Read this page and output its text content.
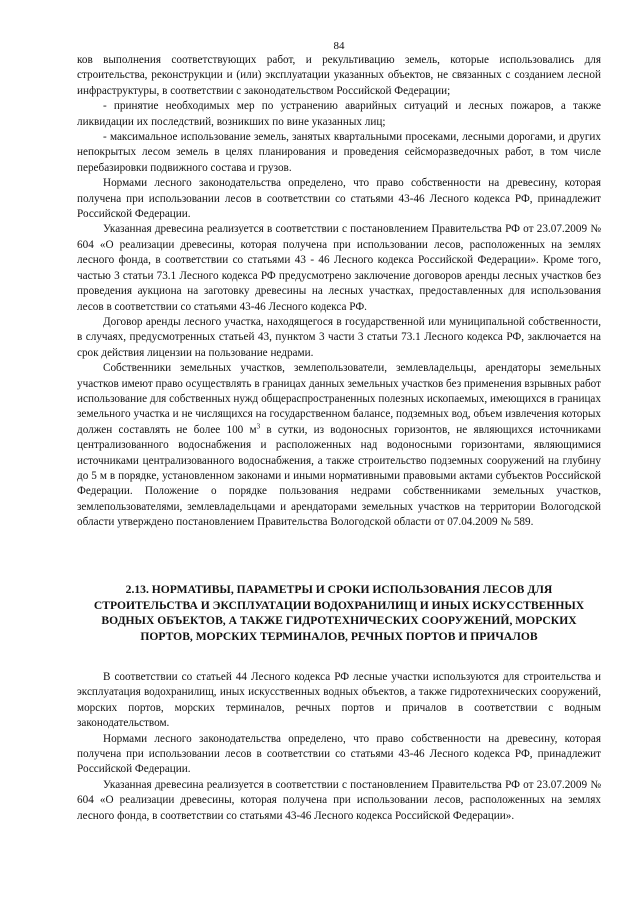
84

ков выполнения соответствующих работ, и рекультивацию земель, которые использовались для строительства, реконструкции и (или) эксплуатации указанных объектов, не связанных с созданием лесной инфраструктуры, в соответствии с законодательством Российской Федерации;

- принятие необходимых мер по устранению аварийных ситуаций и лесных пожаров, а также ликвидации их последствий, возникших по вине указанных лиц;

- максимальное использование земель, занятых квартальными просеками, лесными дорогами, и других непокрытых лесом земель в целях планирования и проведения сейсморазведочных работ, в том числе перебазировки подвижного состава и грузов.

Нормами лесного законодательства определено, что право собственности на древесину, которая получена при использовании лесов в соответствии со статьями 43-46 Лесного кодекса РФ, принадлежит Российской Федерации.

Указанная древесина реализуется в соответствии с постановлением Правительства РФ от 23.07.2009 № 604 «О реализации древесины, которая получена при использовании лесов, расположенных на землях лесного фонда, в соответствии со статьями 43 - 46 Лесного кодекса Российской Федерации». Кроме того, частью 3 статьи 73.1 Лесного кодекса РФ предусмотрено заключение договоров аренды лесных участков без проведения аукциона на заготовку древесины на лесных участках, предоставленных для использования лесов в соответствии со статьями 43-46 Лесного кодекса РФ.

Договор аренды лесного участка, находящегося в государственной или муниципальной собственности, в случаях, предусмотренных статьей 43, пунктом 3 части 3 статьи 73.1 Лесного кодекса РФ, заключается на срок действия лицензии на пользование недрами.

Собственники земельных участков, землепользователи, землевладельцы, арендаторы земельных участков имеют право осуществлять в границах данных земельных участков без применения взрывных работ использование для собственных нужд общераспространенных полезных ископаемых, имеющихся в границах земельного участка и не числящихся на государственном балансе, подземных вод, объем извлечения которых должен составлять не более 100 $м^3$ в сутки, из водоносных горизонтов, не являющихся источниками централизованного водоснабжения и расположенных над водоносными горизонтами, являющимися источниками централизованного водоснабжения, а также строительство подземных сооружений на глубину до 5 м в порядке, установленном законами и иными нормативными правовыми актами субъектов Российской Федерации. Положение о порядке пользования недрами собственниками земельных участков, землепользователями, землевладельцами и арендаторами земельных участков на территории Вологодской области утверждено постановлением Правительства Вологодской области от 07.04.2009 № 589.

2.13. НОРМАТИВЫ, ПАРАМЕТРЫ И СРОКИ ИСПОЛЬЗОВАНИЯ ЛЕСОВ ДЛЯ СТРОИТЕЛЬСТВА И ЭКСПЛУАТАЦИИ ВОДОХРАНИЛИЩ И ИНЫХ ИСКУССТВЕННЫХ ВОДНЫХ ОБЪЕКТОВ, А ТАКЖЕ ГИДРОТЕХНИЧЕСКИХ СООРУЖЕНИЙ, МОРСКИХ ПОРТОВ, МОРСКИХ ТЕРМИНАЛОВ, РЕЧНЫХ ПОРТОВ И ПРИЧАЛОВ

В соответствии со статьей 44 Лесного кодекса РФ лесные участки используются для строительства и эксплуатация водохранилищ, иных искусственных водных объектов, а также гидротехнических сооружений, морских портов, морских терминалов, речных портов и причалов в соответствии с водным законодательством.

Нормами лесного законодательства определено, что право собственности на древесину, которая получена при использовании лесов в соответствии со статьями 43-46 Лесного кодекса РФ, принадлежит Российской Федерации.

Указанная древесина реализуется в соответствии с постановлением Правительства РФ от 23.07.2009 № 604 «О реализации древесины, которая получена при использовании лесов, расположенных на землях лесного фонда, в соответствии со статьями 43-46 Лесного кодекса Российской Федерации».
